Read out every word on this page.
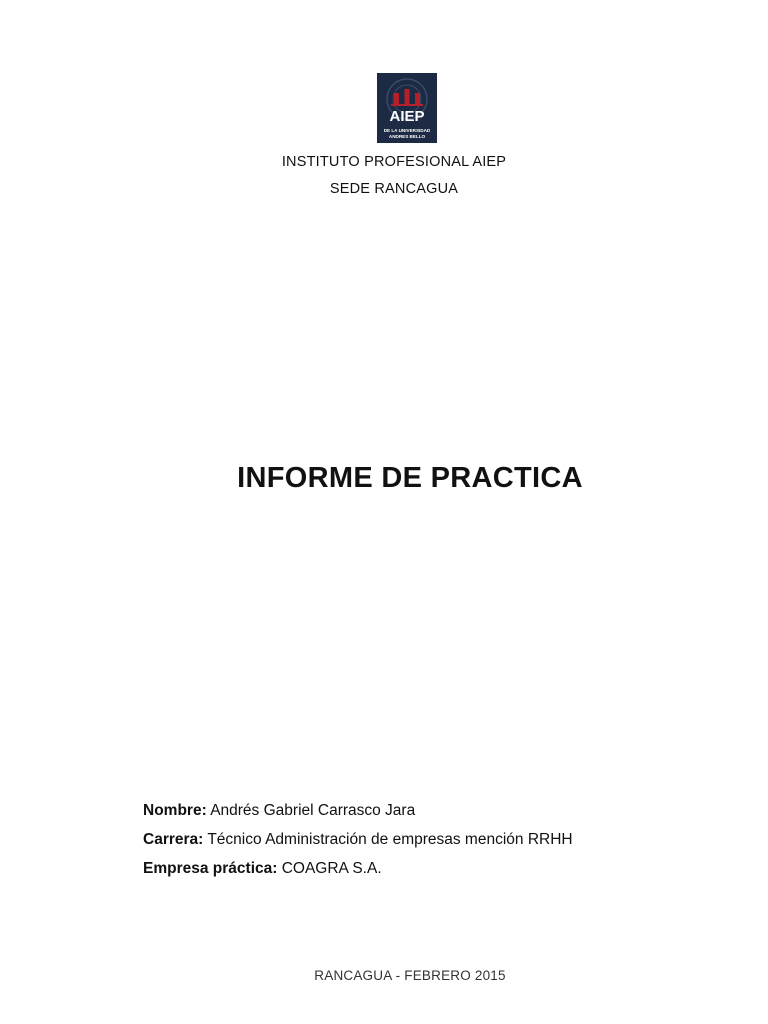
AIEP
DE LA UNIVERSIDAD
ANDRES BELLO
INSTITUTO PROFESIONAL AIEP
SEDE RANCAGUA
INFORME DE PRACTICA
Nombre: Andrés Gabriel Carrasco Jara
Carrera: Técnico Administración de empresas mención RRHH
Empresa práctica: COAGRA S.A.
RANCAGUA - FEBRERO 2015
